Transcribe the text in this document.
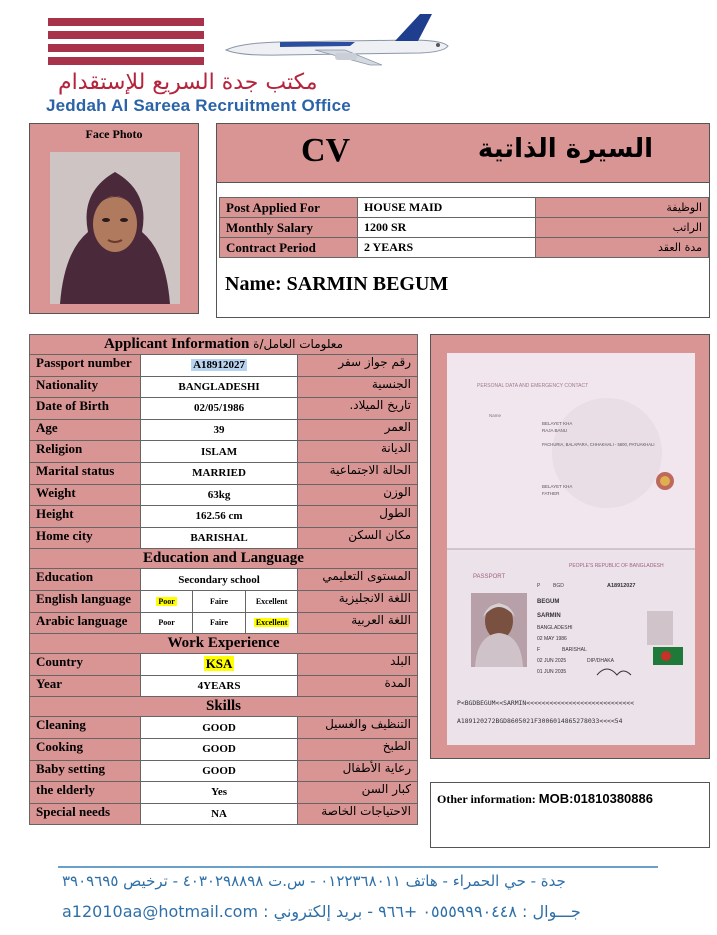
مكتب جدة السريع للإستقدام
Jeddah Al Sareea Recruitment Office
Face Photo	CV	السيرة الذاتية
Post Applied For	HOUSE MAID	الوظيفة
Monthly Salary	1200 SR	الراتب
Contract Period	2 YEARS	مدة العقد
Name: SARMIN BEGUM
Applicant Information معلومات العامل/ة		
Passport number	A18912027	رقم جواز سفر
Nationality	BANGLADESHI	الجنسية
Date of Birth	02/05/1986	تاريخ الميلاد.
Age	39	العمر
Religion	ISLAM	الديانة
Marital status	MARRIED	الحالة الاجتماعية
Weight	63kg	الوزن
Height	162.56 cm	الطول
Home city	BARISHAL	مكان السكن
Education and Language		
Education	Secondary school	المستوى التعليمي
English language	Poor Faire Excellent	اللغة الانجليزية
Arabic language	Poor Faire Excellent	اللغة العربية
Work Experience		
Country	KSA	البلد
Year	4YEARS	المدة
Skills		
Cleaning	GOOD	التنظيف والغسيل
Cooking	GOOD	الطبخ
Baby setting	GOOD	رعاية الأطفال
the elderly	Yes	كبار السن
Special needs	NA	الاحتياجات الخاصة
PERSONAL DATA AND EMERGENCY CONTACT
Name
BELAYET KHA
RAJA BANU
PACHURIA, BALAPARA, CHHAKHALI - 5600, PATUAKHALI
BELAYET KHA
FATHER
PEOPLE'S REPUBLIC OF BANGLADESH
PASSPORT
P	BGD	A18912027
BEGUM
SARMIN
BANGLADESHI
02 MAY 1986
F	BARISHAL
02 JUN 2025	DIP/DHAKA
01 JUN 2035
P<BGDBEGUM<<SARMIN<<<<<<<<<<<<<<<<<<<<<<<<<<<<
A189120272BGD8605021F3006014865278033<<<<54
Other information: MOB:01810380886
جدة - حي الحمراء - هاتف ٠١٢٢٣٦٨٠١١ - س.ت ٤٠٣٠٢٩٨٨٩٨ - ترخيص ٣٩٠٩٦٩٥
جـــوال : ٠٥٥٥٩٩٩٠٤٤٨ +٩٦٦ - بريد إلكتروني : a12010aa@hotmail.com
